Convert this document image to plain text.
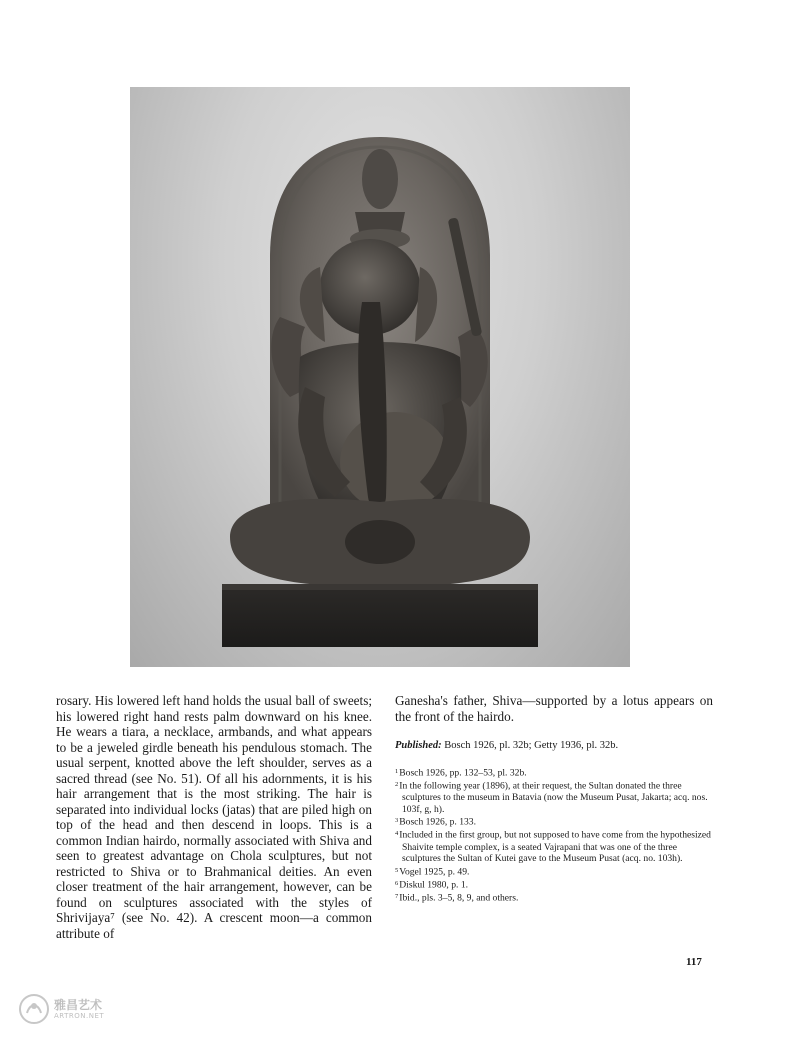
rosary. His lowered left hand holds the usual ball of sweets; his lowered right hand rests palm downward on his knee. He wears a tiara, a necklace, armbands, and what appears to be a jeweled girdle beneath his pendulous stomach. The usual serpent, knotted above the left shoulder, serves as a sacred thread (see No. 51). Of all his adornments, it is his hair arrangement that is the most striking. The hair is separated into individual locks (jatas) that are piled high on top of the head and then descend in loops. This is a common Indian hairdo, normally associated with Shiva and seen to greatest advantage on Chola sculptures, but not restricted to Shiva or to Brahmanical deities. An even closer treatment of the hair arrangement, however, can be found on sculptures associated with the styles of Shrivijaya⁷ (see No. 42). A crescent moon—a common attribute of

Ganesha's father, Shiva—supported by a lotus appears on the front of the hairdo.

Published: Bosch 1926, pl. 32b; Getty 1936, pl. 32b.

$^1$Bosch 1926, pp. 132–53, pl. 32b.
$^2$In the following year (1896), at their request, the Sultan donated the three sculptures to the museum in Batavia (now the Museum Pusat, Jakarta; acq. nos. 103f, g, h).
$^3$Bosch 1926, p. 133.
$^4$Included in the first group, but not supposed to have come from the hypothesized Shaivite temple complex, is a seated Vajrapani that was one of the three sculptures the Sultan of Kutei gave to the Museum Pusat (acq. no. 103h).
$^5$Vogel 1925, p. 49.
$^6$Diskul 1980, p. 1.
$^7$Ibid., pls. 3–5, 8, 9, and others.
117
雅昌艺术
ARTRON.NET
